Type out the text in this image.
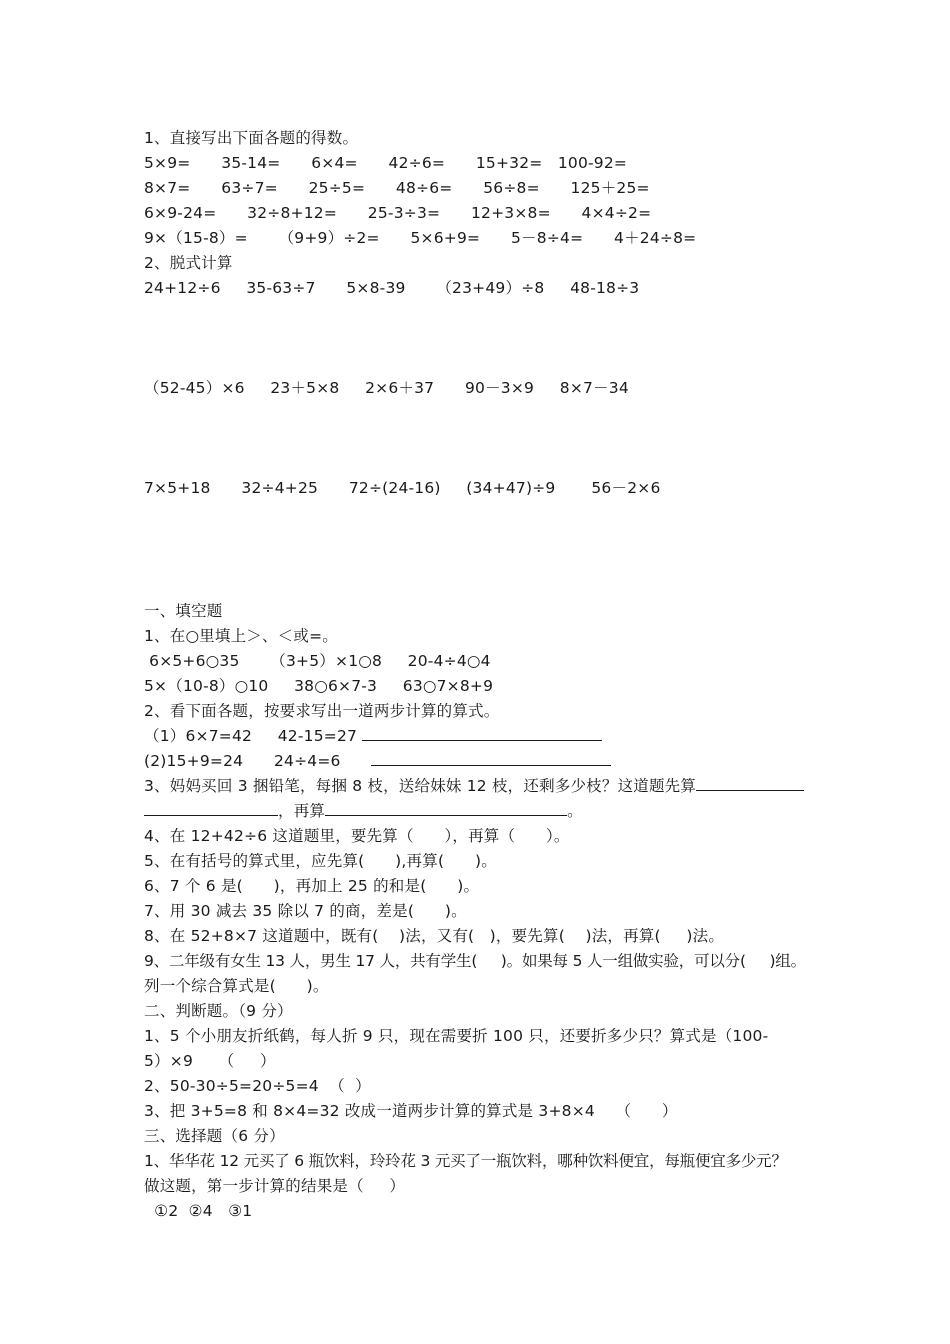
1、直接写出下面各题的得数。
5×9=      35-14=      6×4=      42÷6=      15+32=   100-92=
8×7=      63÷7=      25÷5=      48÷6=      56÷8=      125＋25=
6×9-24=      32÷8+12=      25-3÷3=      12+3×8=      4×4÷2=
9×（15-8）=      （9+9）÷2=      5×6+9=      5－8÷4=      4＋24÷8=
2、脱式计算
24+12÷6     35-63÷7      5×8-39      （23+49）÷8     48-18÷3
（52-45）×6     23＋5×8     2×6＋37      90－3×9     8×7－34
7×5+18      32÷4+25      72÷(24-16)     (34+47)÷9       56－2×6
一、填空题
1、在○里填上＞、＜或=。
6×5+6○35      （3+5）×1○8     20-4÷4○4
5×（10-8）○10     38○6×7-3     63○7×8+9
2、看下面各题，按要求写出一道两步计算的算式。
（1）6×7=42     42-15=27
(2)15+9=24      24÷4=6
3、妈妈买回 3 捆铅笔，每捆 8 枝，送给妹妹 12 枝，还剩多少枝？这道题先算
，再算	。
4、在 12+42÷6 这道题里，要先算（      ），再算（      ）。
5、在有括号的算式里，应先算(      ),再算(      )。
6、7 个 6 是(      )，再加上 25 的和是(      )。
7、用 30 减去 35 除以 7 的商，差是(      )。
8、在 52+8×7 这道题中，既有(    )法，又有(   )，要先算(    )法，再算(     )法。
9、二年级有女生 13 人，男生 17 人，共有学生(     )。如果每 5 人一组做实验，可以分(     )组。
列一个综合算式是(      )。
二、判断题。（9 分）
1、5 个小朋友折纸鹤，每人折 9 只，现在需要折 100 只，还要折多少只？算式是（100-
5）×9     （     ）
2、50-30÷5=20÷5=4  （  ）
3、把 3+5=8 和 8×4=32 改成一道两步计算的算式是 3+8×4    （      ）
三、选择题（6 分）
1、华华花 12 元买了 6 瓶饮料，玲玲花 3 元买了一瓶饮料，哪种饮料便宜，每瓶便宜多少元？
做这题，第一步计算的结果是（     ）
①2  ②4   ③1
